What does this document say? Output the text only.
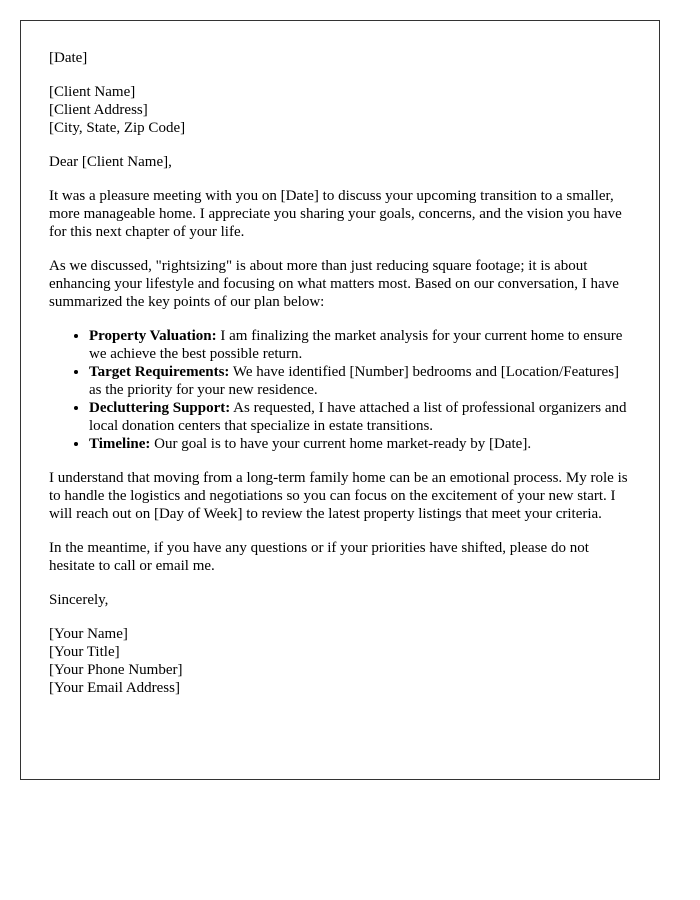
[Date]
[Client Name]
[Client Address]
[City, State, Zip Code]
Dear [Client Name],

It was a pleasure meeting with you on [Date] to discuss your upcoming transition to a smaller, more manageable home. I appreciate you sharing your goals, concerns, and the vision you have for this next chapter of your life.

As we discussed, "rightsizing" is about more than just reducing square footage; it is about enhancing your lifestyle and focusing on what matters most. Based on our conversation, I have summarized the key points of our plan below:

• Property Valuation: I am finalizing the market analysis for your current home to ensure we achieve the best possible return.
• Target Requirements: We have identified [Number] bedrooms and [Location/Features] as the priority for your new residence.
• Decluttering Support: As requested, I have attached a list of professional organizers and local donation centers that specialize in estate transitions.
• Timeline: Our goal is to have your current home market-ready by [Date].

I understand that moving from a long-term family home can be an emotional process. My role is to handle the logistics and negotiations so you can focus on the excitement of your new start. I will reach out on [Day of Week] to review the latest property listings that meet your criteria.

In the meantime, if you have any questions or if your priorities have shifted, please do not hesitate to call or email me.

Sincerely,
[Your Name]
[Your Title]
[Your Phone Number]
[Your Email Address]
